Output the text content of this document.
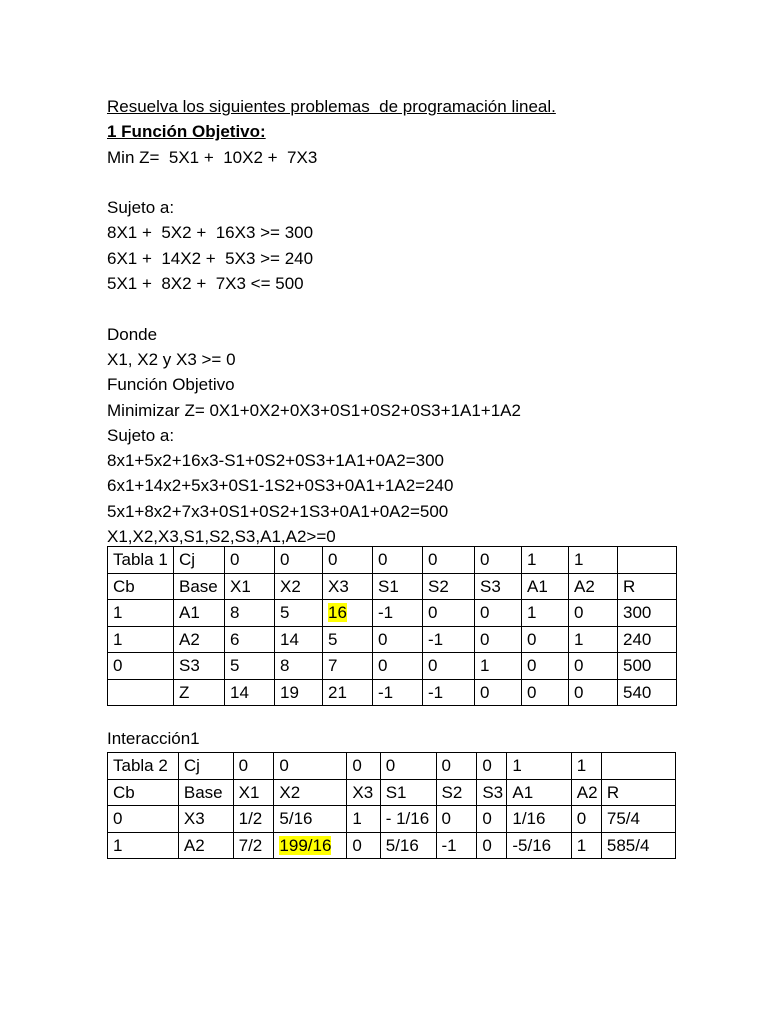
Resuelva los siguientes problemas  de programación lineal.
1 Función Objetivo:
Min Z=  5X1 +  10X2 +  7X3
Sujeto a:
8X1 +  5X2 +  16X3 >= 300
6X1 +  14X2 +  5X3 >= 240
5X1 +  8X2 +  7X3 <= 500
Donde
X1, X2 y X3 >= 0
Función Objetivo
Minimizar Z= 0X1+0X2+0X3+0S1+0S2+0S3+1A1+1A2
Sujeto a:
8x1+5x2+16x3-S1+0S2+0S3+1A1+0A2=300
6x1+14x2+5x3+0S1-1S2+0S3+0A1+1A2=240
5x1+8x2+7x3+0S1+0S2+1S3+0A1+0A2=500
X1,X2,X3,S1,S2,S3,A1,A2>=0
Tabla 1	Cj	0	0	0	0	0	0	1	1	
Cb	Base	X1	X2	X3	S1	S2	S3	A1	A2	R
1	A1	8	5	16	-1	0	0	1	0	300
1	A2	6	14	5	0	-1	0	0	1	240
0	S3	5	8	7	0	0	1	0	0	500
	Z	14	19	21	-1	-1	0	0	0	540
Interacción1
Tabla 2	Cj	0	0	0	0	0	0	1	1	
Cb	Base	X1	X2	X3	S1	S2	S3	A1	A2	R
0	X3	1/2	5/16	1	- 1/16	0	0	1/16	0	75/4
1	A2	7/2	199/16	0	5/16	-1	0	-5/16	1	585/4
